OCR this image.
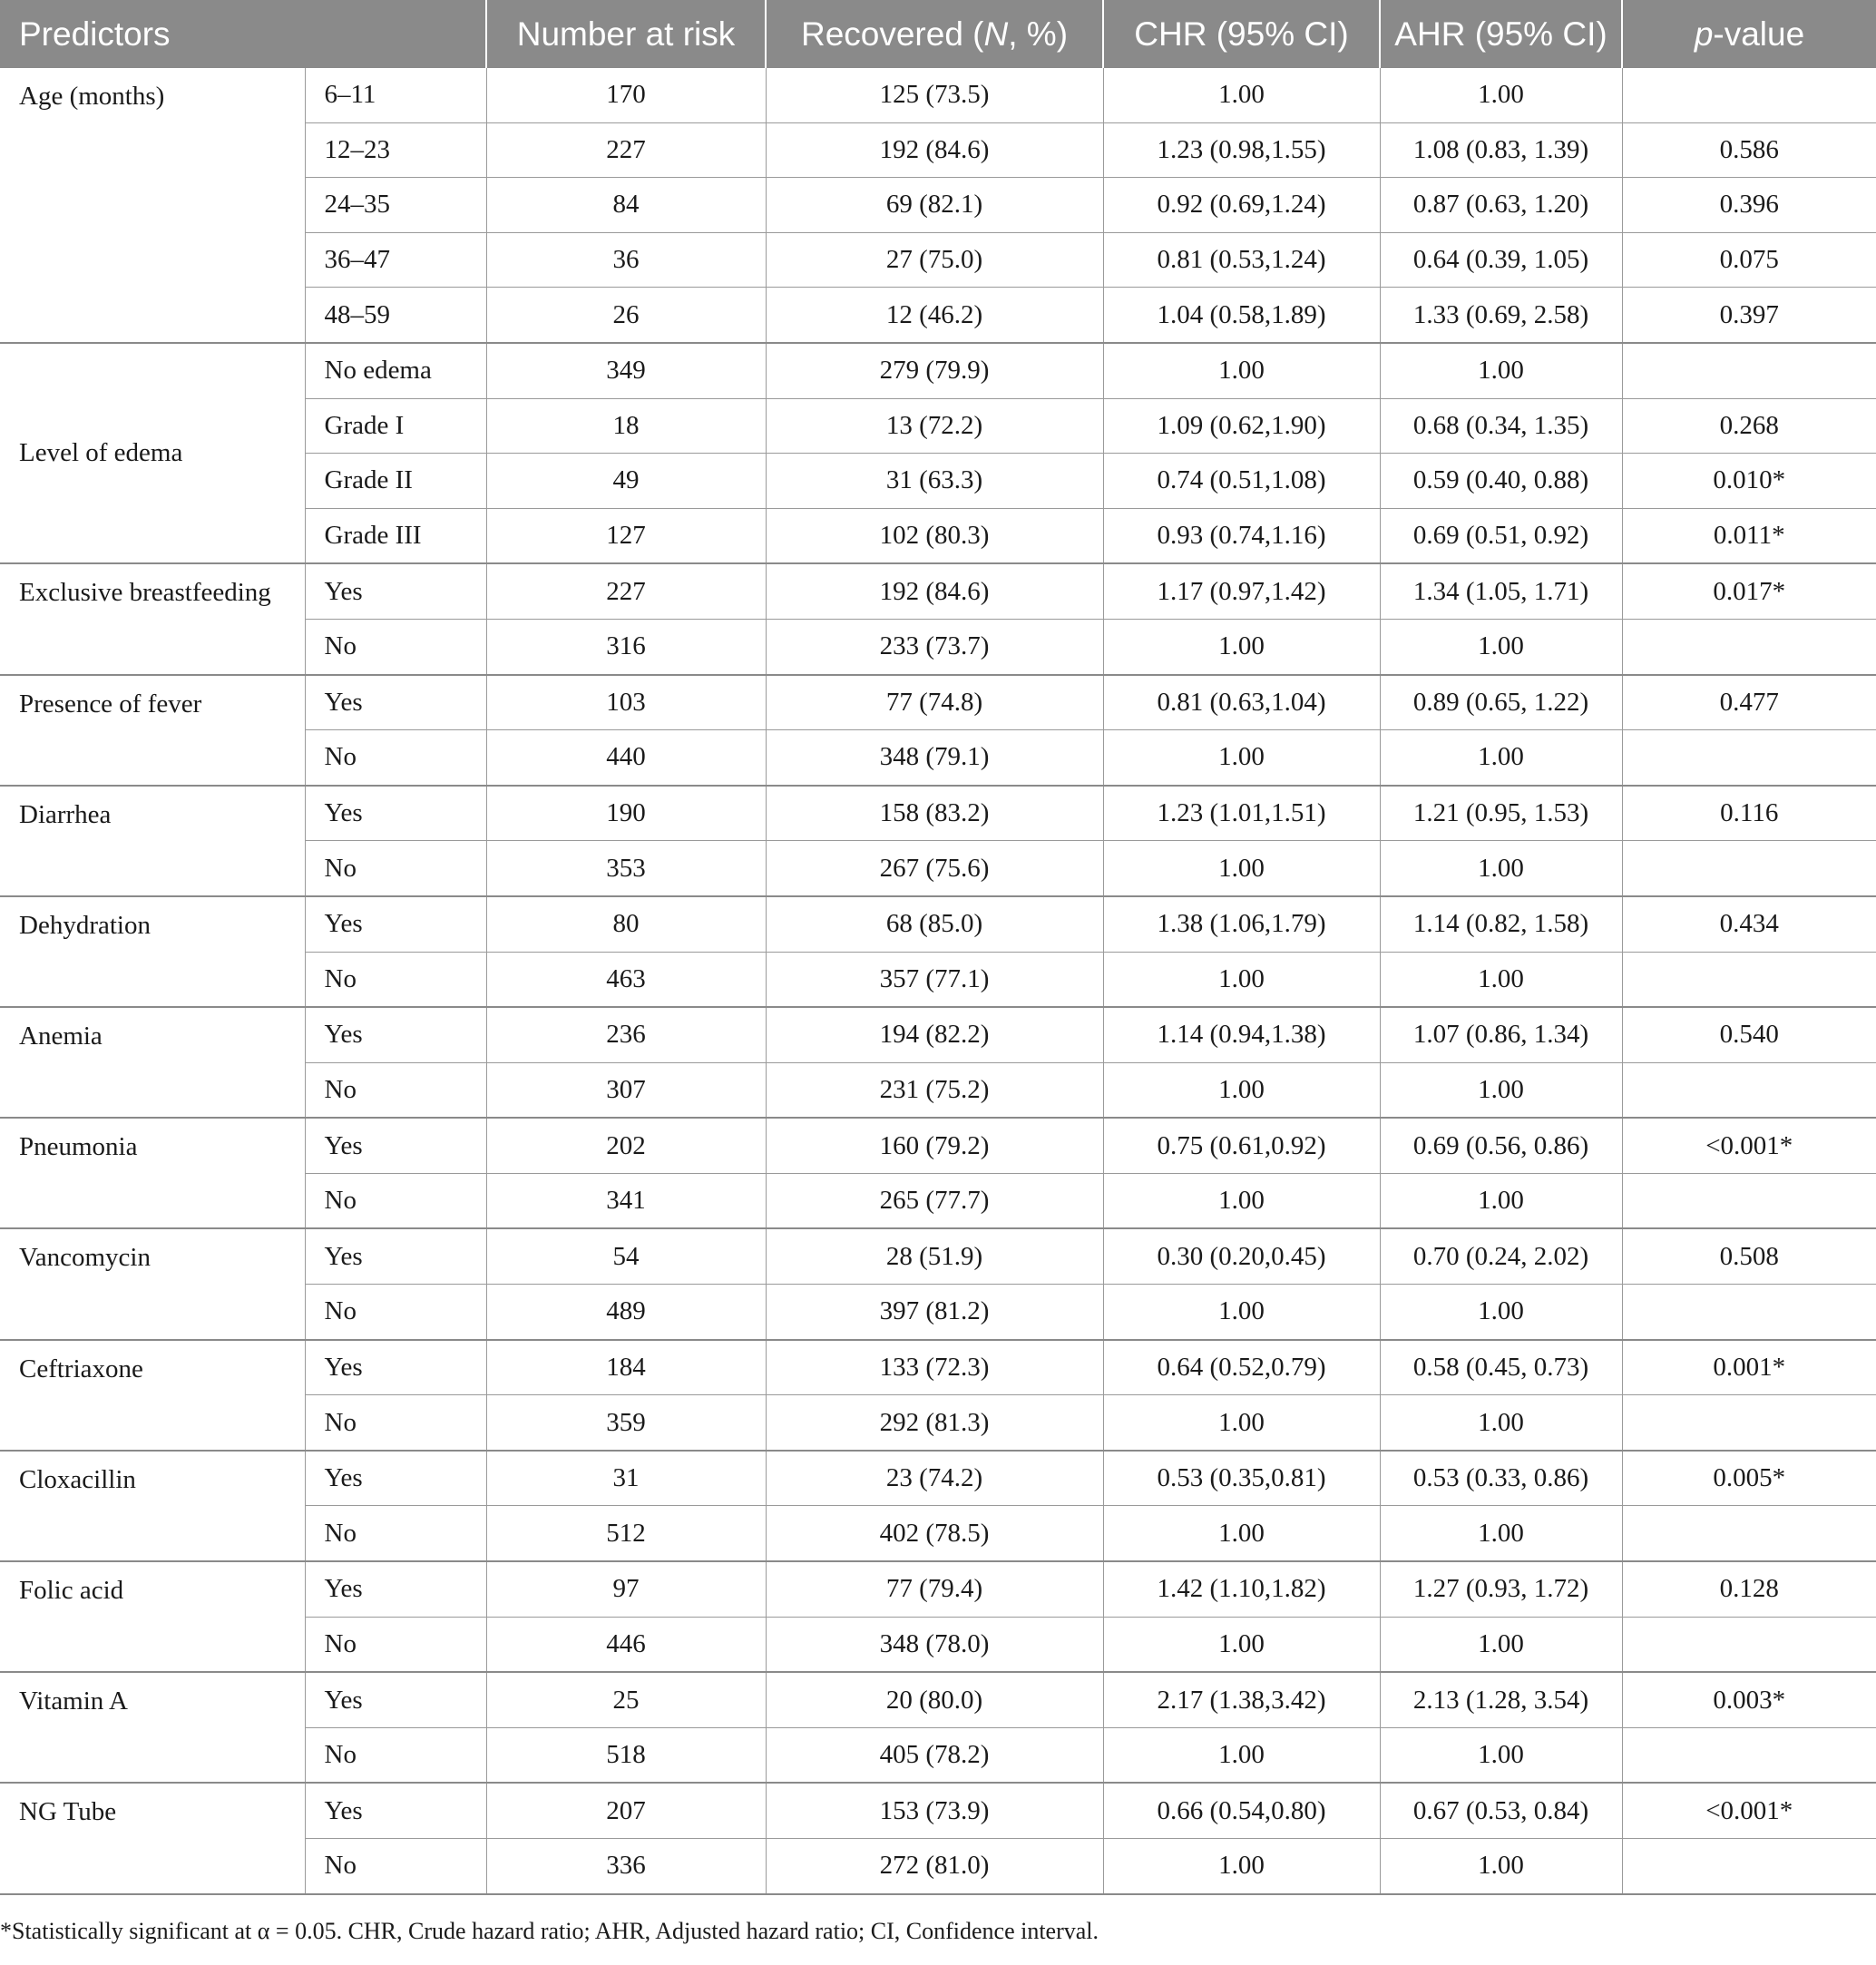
Predictors		Number at risk	Recovered (N, %)	CHR (95% CI)	AHR (95% CI)	p-value
Age (months)	6–11	170	125 (73.5)	1.00	1.00	
	12–23	227	192 (84.6)	1.23 (0.98,1.55)	1.08 (0.83, 1.39)	0.586
	24–35	84	69 (82.1)	0.92 (0.69,1.24)	0.87 (0.63, 1.20)	0.396
	36–47	36	27 (75.0)	0.81 (0.53,1.24)	0.64 (0.39, 1.05)	0.075
	48–59	26	12 (46.2)	1.04 (0.58,1.89)	1.33 (0.69, 2.58)	0.397
Level of edema	No edema	349	279 (79.9)	1.00	1.00	
	Grade I	18	13 (72.2)	1.09 (0.62,1.90)	0.68 (0.34, 1.35)	0.268
	Grade II	49	31 (63.3)	0.74 (0.51,1.08)	0.59 (0.40, 0.88)	0.010*
	Grade III	127	102 (80.3)	0.93 (0.74,1.16)	0.69 (0.51, 0.92)	0.011*
Exclusive breastfeeding	Yes	227	192 (84.6)	1.17 (0.97,1.42)	1.34 (1.05, 1.71)	0.017*
	No	316	233 (73.7)	1.00	1.00	
Presence of fever	Yes	103	77 (74.8)	0.81 (0.63,1.04)	0.89 (0.65, 1.22)	0.477
	No	440	348 (79.1)	1.00	1.00	
Diarrhea	Yes	190	158 (83.2)	1.23 (1.01,1.51)	1.21 (0.95, 1.53)	0.116
	No	353	267 (75.6)	1.00	1.00	
Dehydration	Yes	80	68 (85.0)	1.38 (1.06,1.79)	1.14 (0.82, 1.58)	0.434
	No	463	357 (77.1)	1.00	1.00	
Anemia	Yes	236	194 (82.2)	1.14 (0.94,1.38)	1.07 (0.86, 1.34)	0.540
	No	307	231 (75.2)	1.00	1.00	
Pneumonia	Yes	202	160 (79.2)	0.75 (0.61,0.92)	0.69 (0.56, 0.86)	<0.001*
	No	341	265 (77.7)	1.00	1.00	
Vancomycin	Yes	54	28 (51.9)	0.30 (0.20,0.45)	0.70 (0.24, 2.02)	0.508
	No	489	397 (81.2)	1.00	1.00	
Ceftriaxone	Yes	184	133 (72.3)	0.64 (0.52,0.79)	0.58 (0.45, 0.73)	0.001*
	No	359	292 (81.3)	1.00	1.00	
Cloxacillin	Yes	31	23 (74.2)	0.53 (0.35,0.81)	0.53 (0.33, 0.86)	0.005*
	No	512	402 (78.5)	1.00	1.00	
Folic acid	Yes	97	77 (79.4)	1.42 (1.10,1.82)	1.27 (0.93, 1.72)	0.128
	No	446	348 (78.0)	1.00	1.00	
Vitamin A	Yes	25	20 (80.0)	2.17 (1.38,3.42)	2.13 (1.28, 3.54)	0.003*
	No	518	405 (78.2)	1.00	1.00	
NG Tube	Yes	207	153 (73.9)	0.66 (0.54,0.80)	0.67 (0.53, 0.84)	<0.001*
	No	336	272 (81.0)	1.00	1.00	
*Statistically significant at α = 0.05. CHR, Crude hazard ratio; AHR, Adjusted hazard ratio; CI, Confidence interval.
